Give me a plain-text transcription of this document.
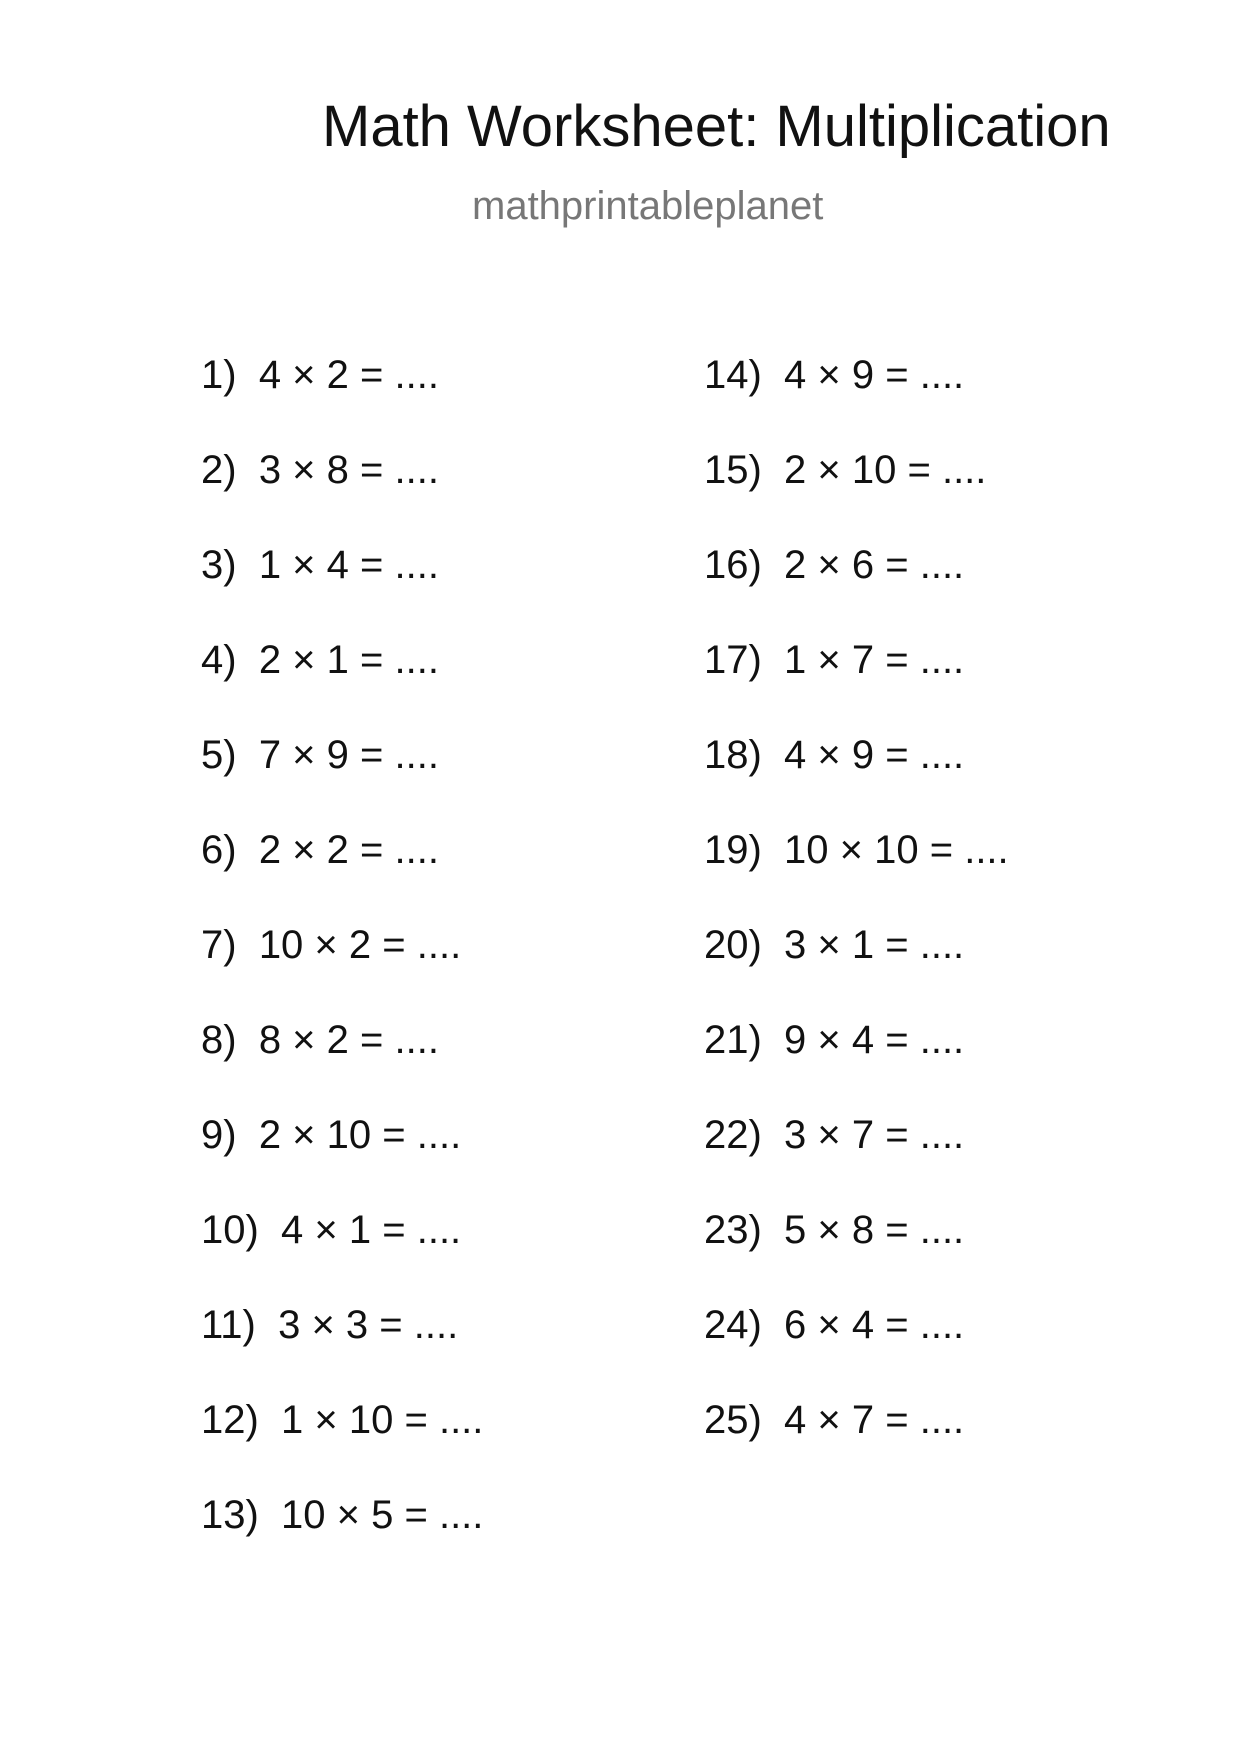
Math Worksheet: Multiplication
mathprintableplanet
1) 4 × 2 = ....
2) 3 × 8 = ....
3) 1 × 4 = ....
4) 2 × 1 = ....
5) 7 × 9 = ....
6) 2 × 2 = ....
7) 10 × 2 = ....
8) 8 × 2 = ....
9) 2 × 10 = ....
10) 4 × 1 = ....
11) 3 × 3 = ....
12) 1 × 10 = ....
13) 10 × 5 = ....
14) 4 × 9 = ....
15) 2 × 10 = ....
16) 2 × 6 = ....
17) 1 × 7 = ....
18) 4 × 9 = ....
19) 10 × 10 = ....
20) 3 × 1 = ....
21) 9 × 4 = ....
22) 3 × 7 = ....
23) 5 × 8 = ....
24) 6 × 4 = ....
25) 4 × 7 = ....
